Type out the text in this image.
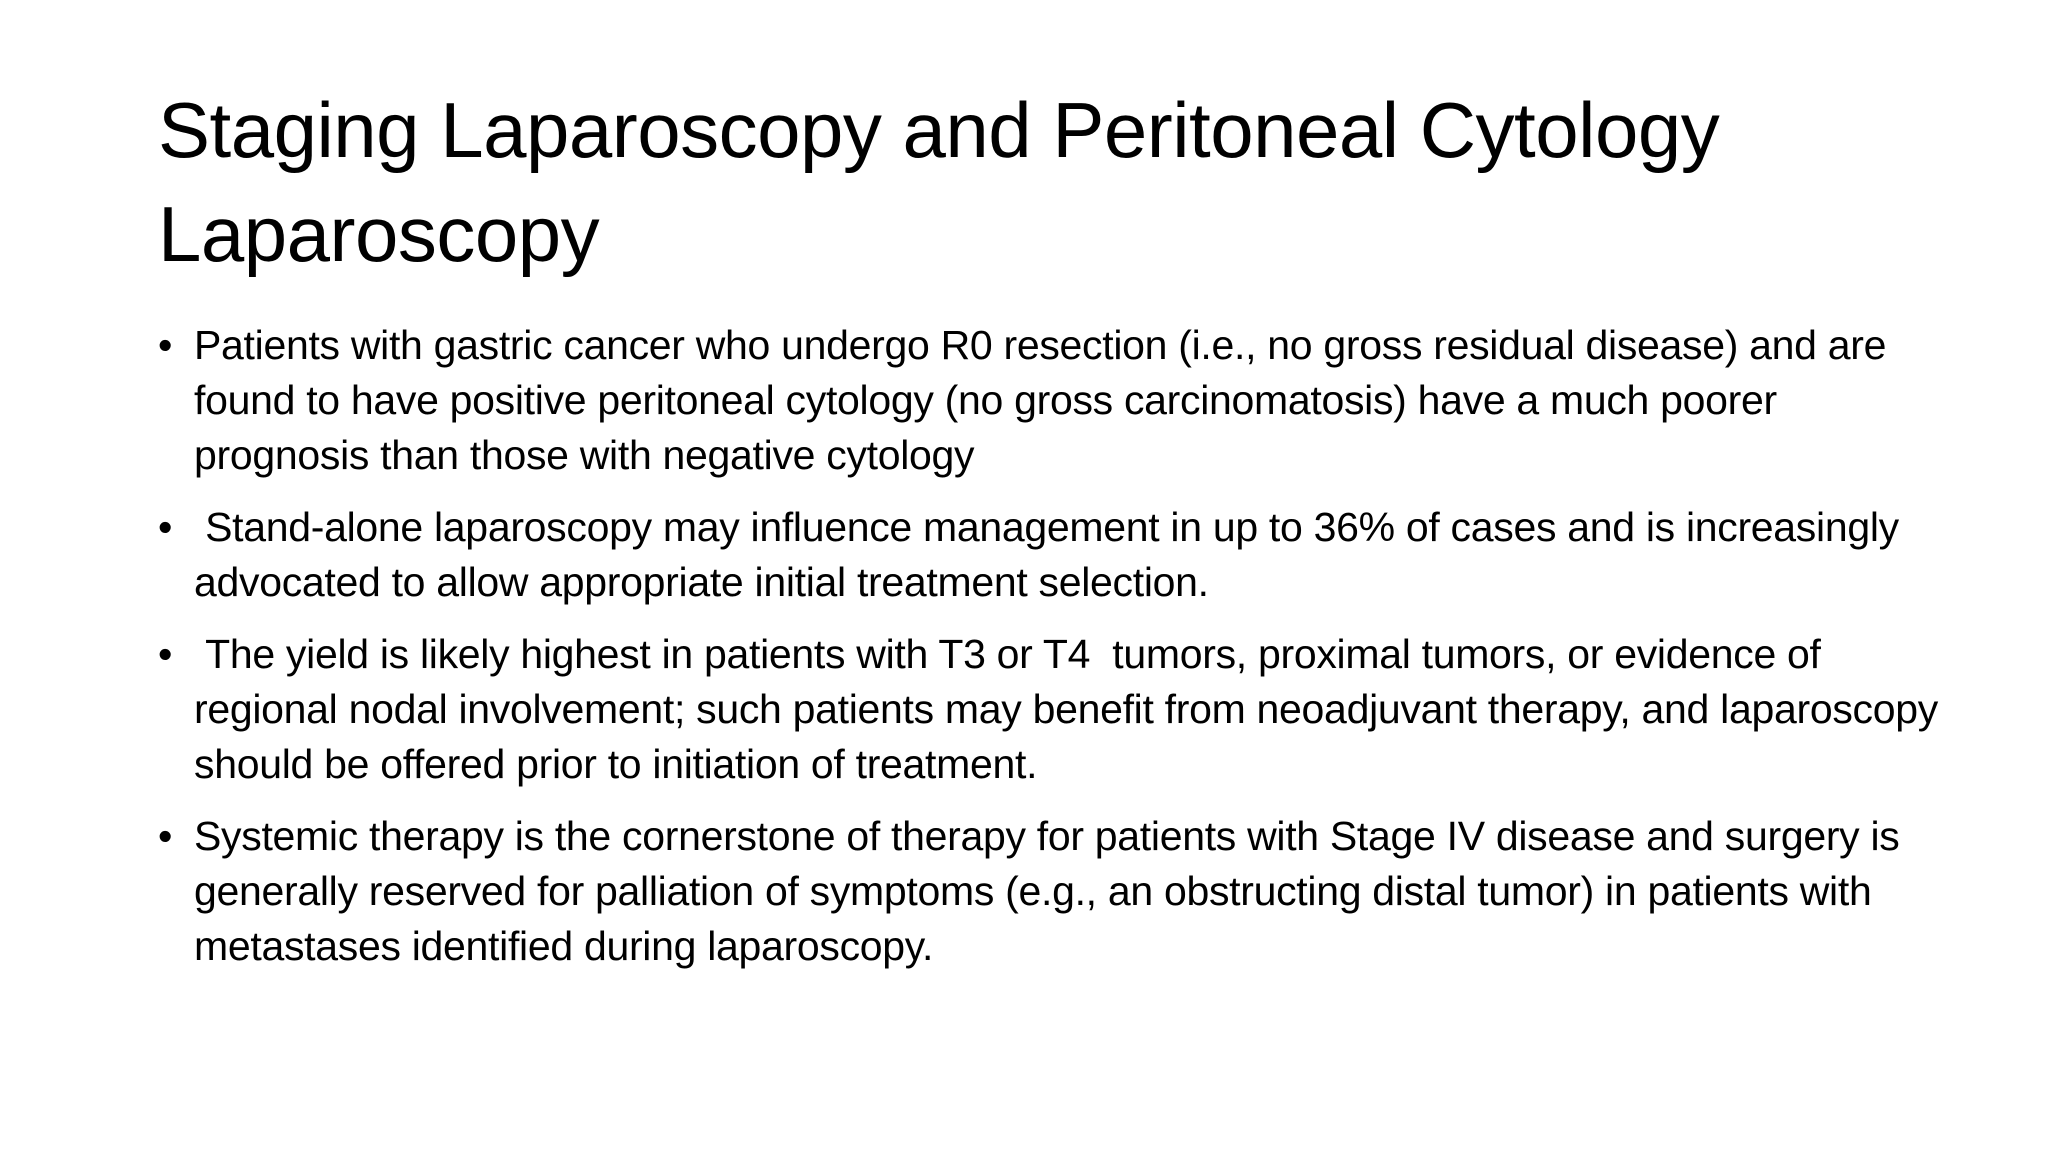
Staging Laparoscopy and Peritoneal Cytology
Laparoscopy
• Patients with gastric cancer who undergo R0 resection (i.e., no gross residual disease) and are found to have positive peritoneal cytology (no gross carcinomatosis) have a much poorer prognosis than those with negative cytology
• Stand-alone laparoscopy may influence management in up to 36% of cases and is increasingly advocated to allow appropriate initial treatment selection.
• The yield is likely highest in patients with T3 or T4  tumors, proximal tumors, or evidence of regional nodal involvement; such patients may benefit from neoadjuvant therapy, and laparoscopy should be offered prior to initiation of treatment.
• Systemic therapy is the cornerstone of therapy for patients with Stage IV disease and surgery is generally reserved for palliation of symptoms (e.g., an obstructing distal tumor) in patients with metastases identified during laparoscopy.
